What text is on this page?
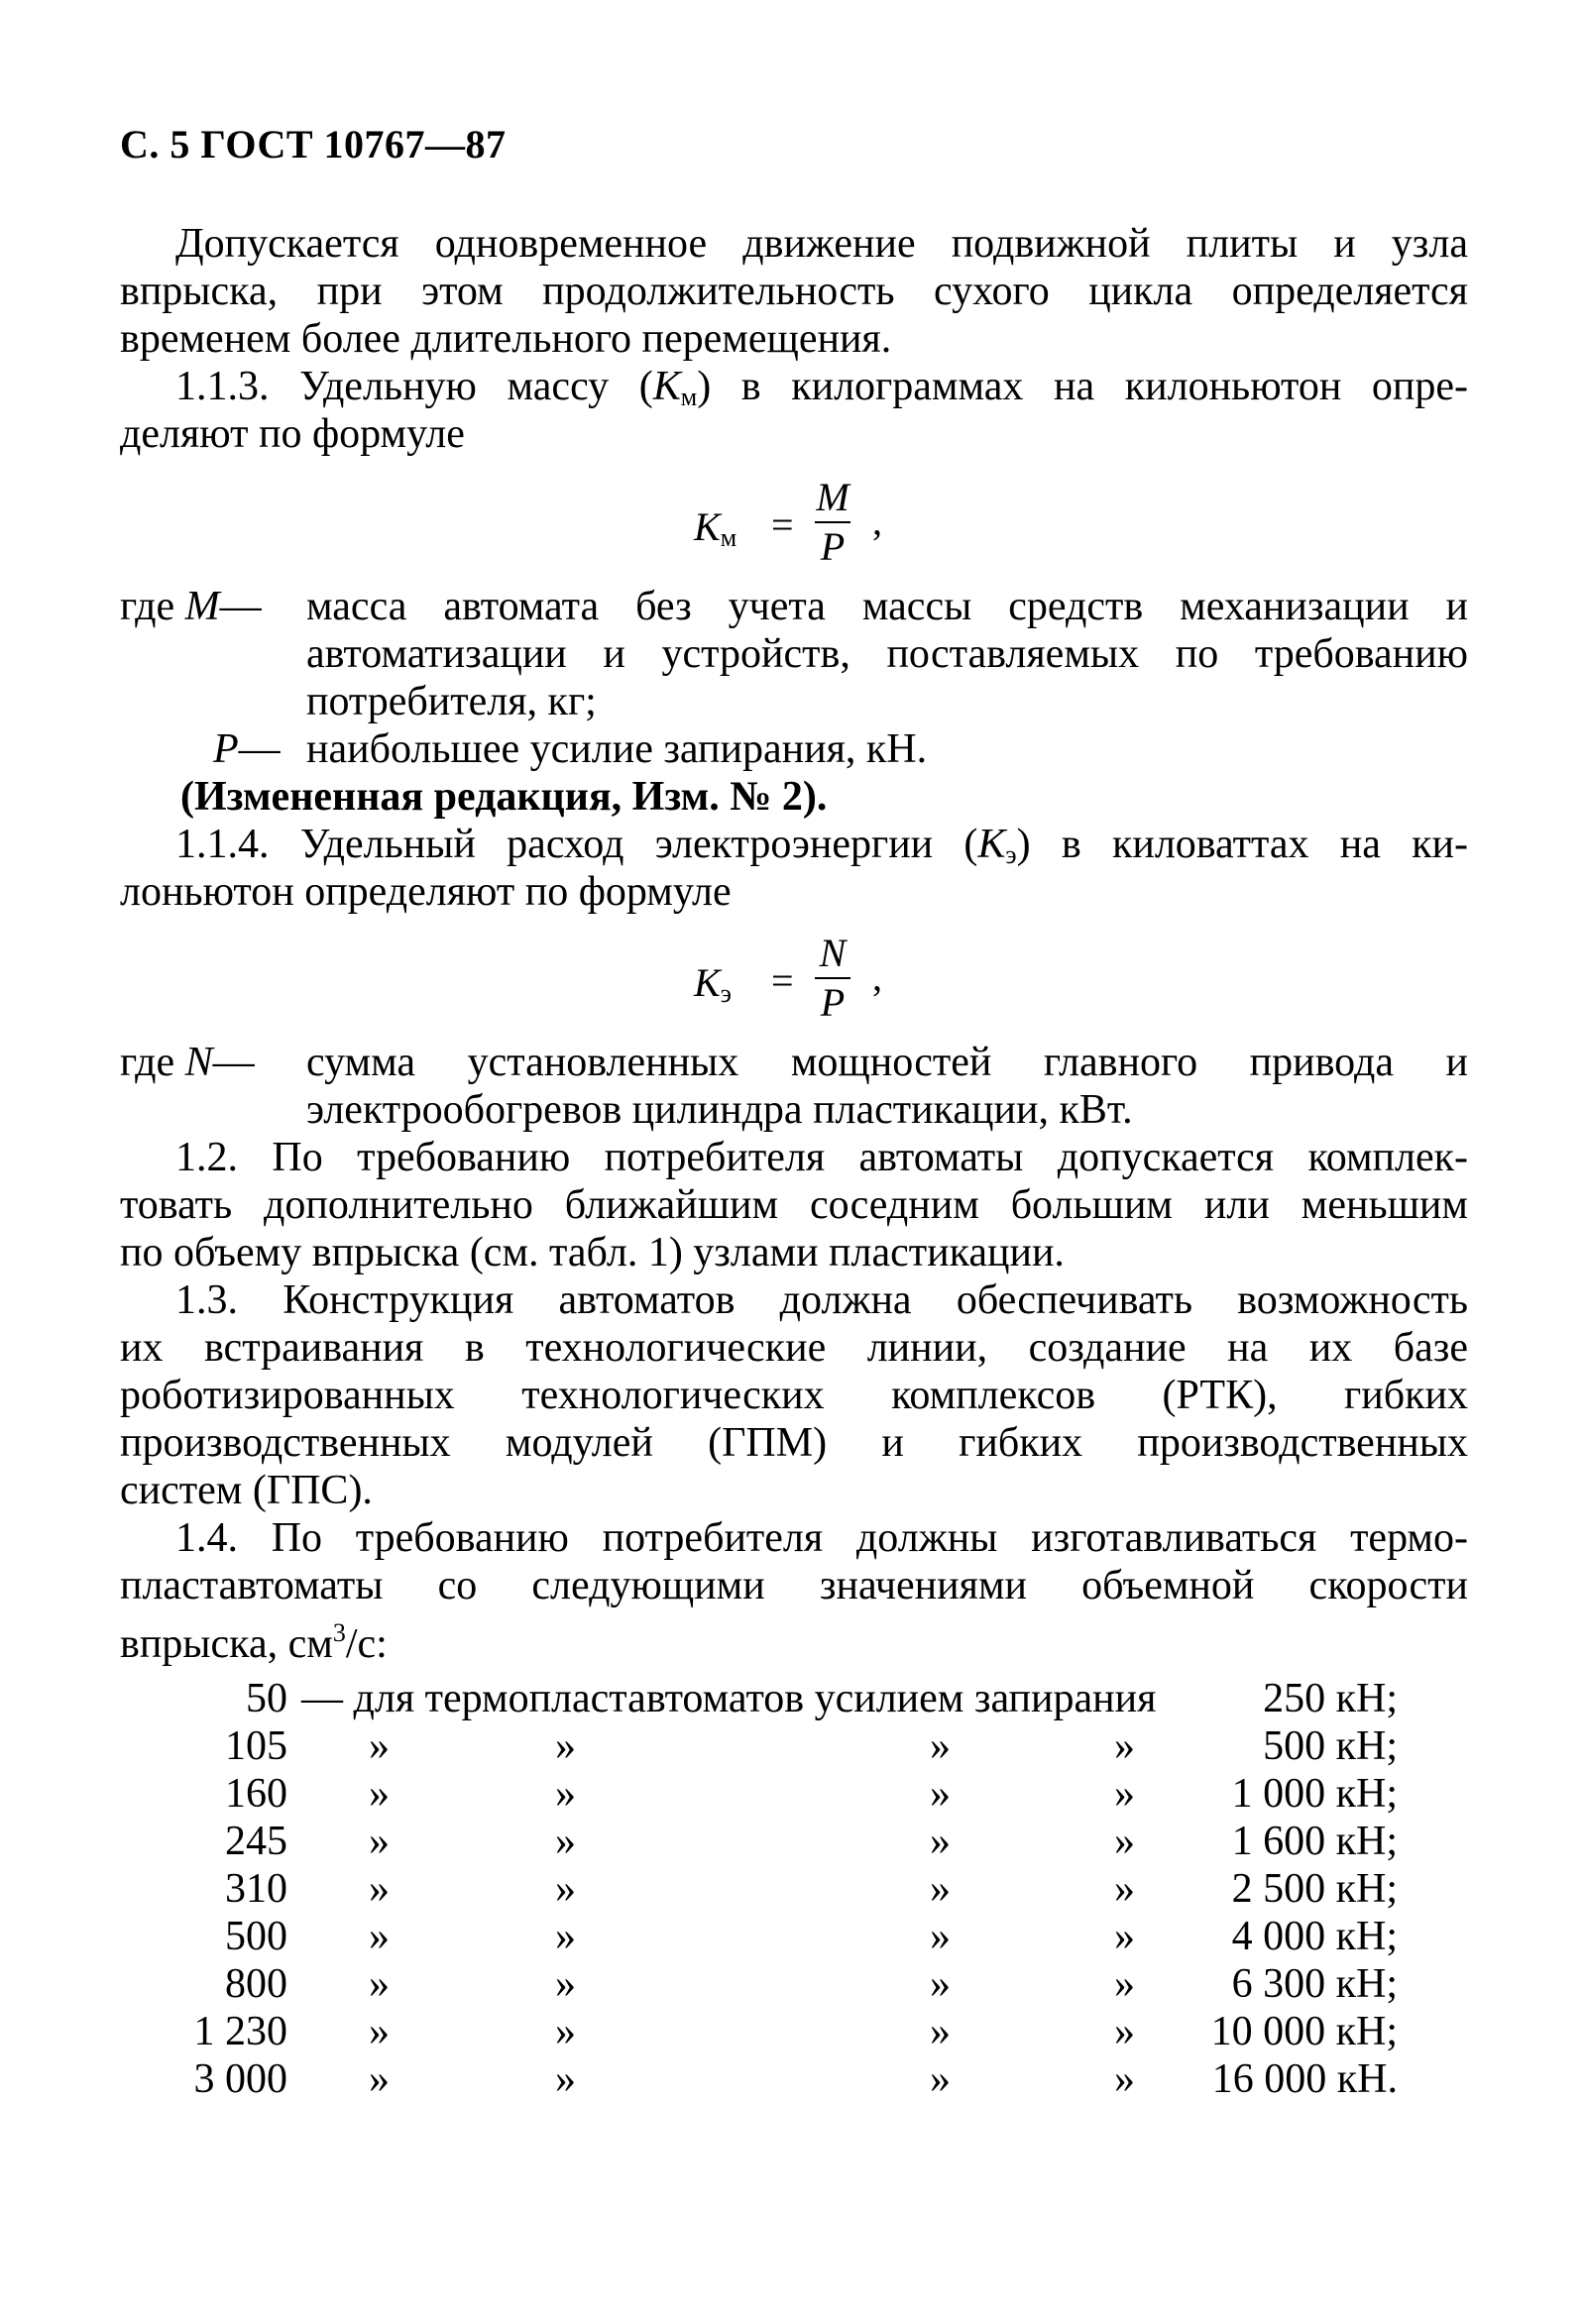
С. 5 ГОСТ 10767—87
Допускается одновременное движение подвижной плиты и узла
впрыска, при этом продолжительность сухого цикла определяется
временем более длительного перемещения.
1.1.3. Удельную массу $(K_м)$ в килограммах на килоньютон опре-
деляют по формуле
$K_м$ =
M
P
,
где M— масса автомата без учета массы средств механизации и
автоматизации и устройств, поставляемых по требованию
потребителя, кг;
P— наибольшее усилие запирания, кН.
(Измененная редакция, Изм. № 2).
1.1.4. Удельный расход электроэнергии $(K_э)$ в киловаттах на ки-
лоньютон определяют по формуле
$K_э$ =
N
P
,
где N— сумма установленных мощностей главного привода и
электрообогревов цилиндра пластикации, кВт.
1.2. По требованию потребителя автоматы допускается комплек-
товать дополнительно ближайшим соседним большим или меньшим
по объему впрыска (см. табл. 1) узлами пластикации.
1.3. Конструкция автоматов должна обеспечивать возможность
их встраивания в технологические линии, создание на их базе
роботизированных технологических комплексов (РТК), гибких
производственных модулей (ГПМ) и гибких производственных
систем (ГПС).
1.4. По требованию потребителя должны изготавливаться термо-
пластавтоматы со следующими значениями объемной скорости
впрыска, $см^3/с$:
50 — для термопластавтоматов усилием запирания	250 кН;
105 »	»	»	»	500 кН;
160 »	»	»	» 1 000 кН;
245 »	»	»	» 1 600 кН;
310 »	»	»	» 2 500 кН;
500 »	»	»	» 4 000 кН;
800 »	»	»	» 6 300 кН;
1 230 »	»	»	» 10 000 кН;
3 000 »	»	»	» 16 000 кН.
